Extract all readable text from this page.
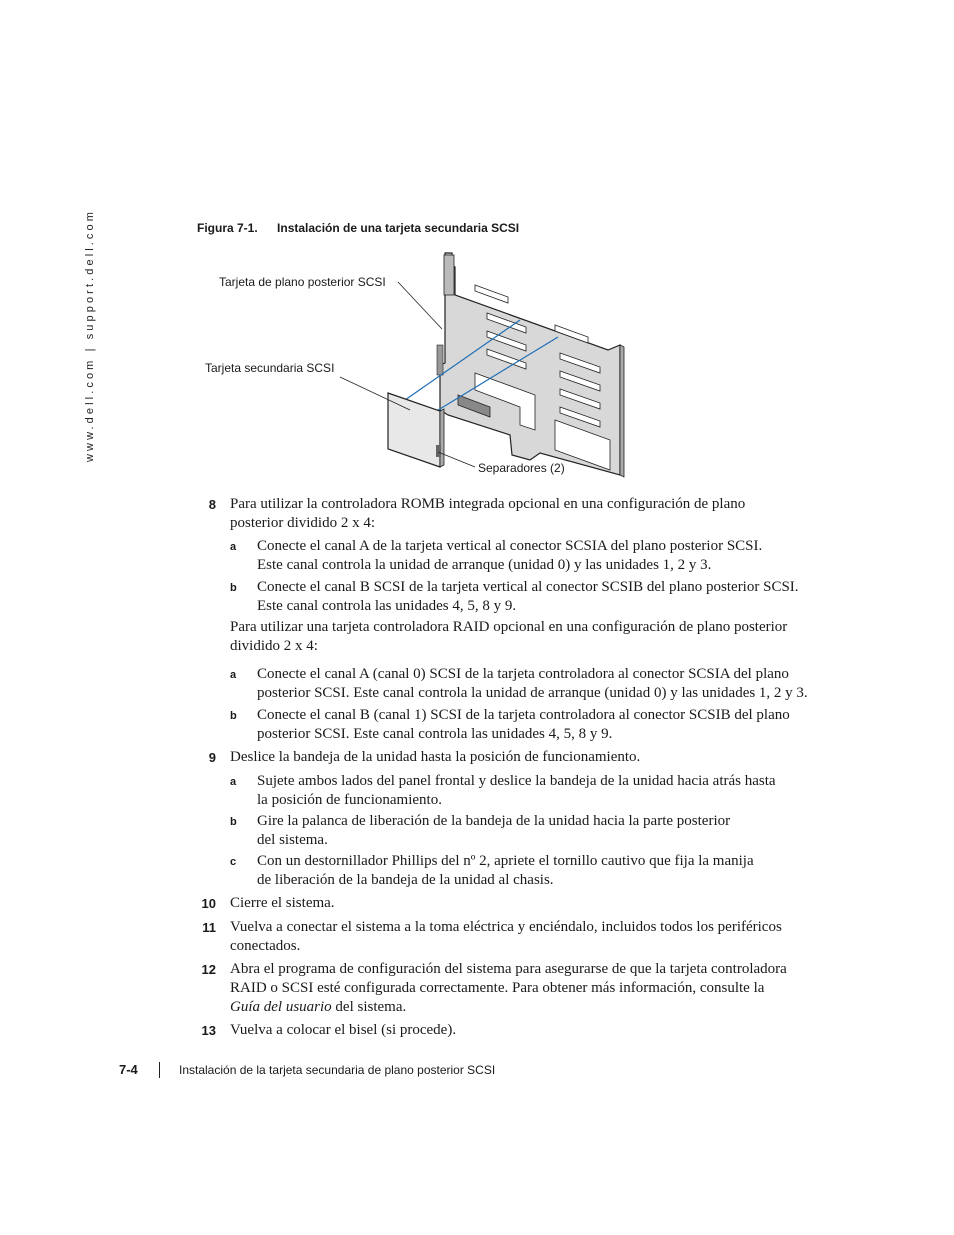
www.dell.com | support.dell.com	Figura 7-1. Instalación de una tarjeta secundaria SCSI
Tarjeta de plano posterior SCSI
Tarjeta secundaria SCSI
Separadores (2)
8 Para utilizar la controladora ROMB integrada opcional en una configuración de plano
posterior dividido 2 x 4:
a Conecte el canal A de la tarjeta vertical al conector SCSIA del plano posterior SCSI.
Este canal controla la unidad de arranque (unidad 0) y las unidades 1, 2 y 3.
b Conecte el canal B SCSI de la tarjeta vertical al conector SCSIB del plano posterior SCSI.
Este canal controla las unidades 4, 5, 8 y 9.
Para utilizar una tarjeta controladora RAID opcional en una configuración de plano posterior
dividido 2 x 4:
a Conecte el canal A (canal 0) SCSI de la tarjeta controladora al conector SCSIA del plano
posterior SCSI. Este canal controla la unidad de arranque (unidad 0) y las unidades 1, 2 y 3.
b Conecte el canal B (canal 1) SCSI de la tarjeta controladora al conector SCSIB del plano
posterior SCSI. Este canal controla las unidades 4, 5, 8 y 9.
9 Deslice la bandeja de la unidad hasta la posición de funcionamiento.
a Sujete ambos lados del panel frontal y deslice la bandeja de la unidad hacia atrás hasta
la posición de funcionamiento.
b Gire la palanca de liberación de la bandeja de la unidad hacia la parte posterior
del sistema.
c Con un destornillador Phillips del nº 2, apriete el tornillo cautivo que fija la manija
de liberación de la bandeja de la unidad al chasis.
10 Cierre el sistema.
11 Vuelva a conectar el sistema a la toma eléctrica y enciéndalo, incluidos todos los periféricos
conectados.
12 Abra el programa de configuración del sistema para asegurarse de que la tarjeta controladora
RAID o SCSI esté configurada correctamente. Para obtener más información, consulte la
Guía del usuario del sistema.
13 Vuelva a colocar el bisel (si procede).
7-4	Instalación de la tarjeta secundaria de plano posterior SCSI
